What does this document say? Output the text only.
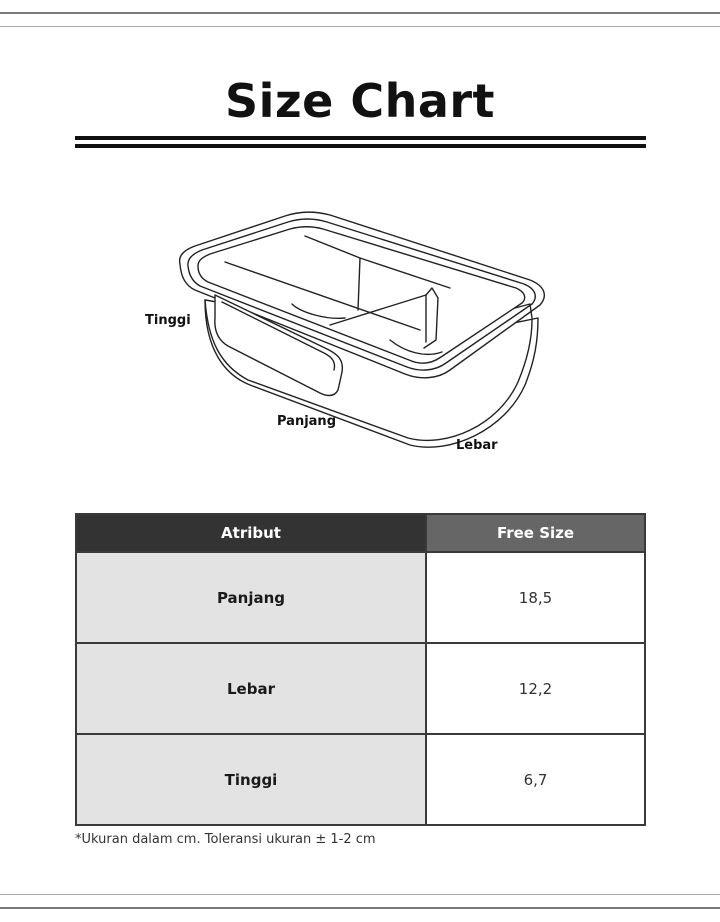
Size Chart
Tinggi
Panjang
Lebar
Atribut	Free Size
Panjang	18,5
Lebar	12,2
Tinggi	6,7
*Ukuran dalam cm. Toleransi ukuran ± 1-2 cm
